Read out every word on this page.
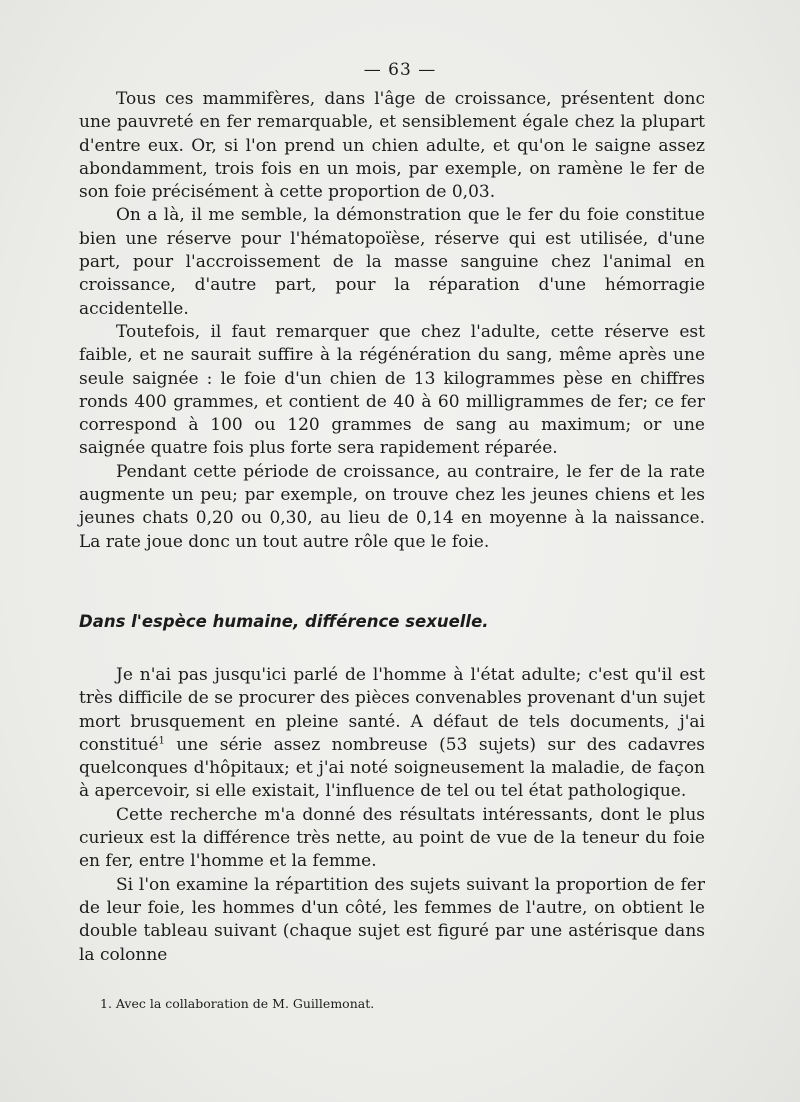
— 63 —

Tous ces mammifères, dans l'âge de croissance, présentent donc une pauvreté en fer remarquable, et sensiblement égale chez la plupart d'entre eux. Or, si l'on prend un chien adulte, et qu'on le saigne assez abondamment, trois fois en un mois, par exemple, on ramène le fer de son foie précisément à cette proportion de 0,03.

On a là, il me semble, la démonstration que le fer du foie constitue bien une réserve pour l'hématopoïèse, réserve qui est utilisée, d'une part, pour l'accroissement de la masse sanguine chez l'animal en croissance, d'autre part, pour la réparation d'une hémorragie accidentelle.

Toutefois, il faut remarquer que chez l'adulte, cette réserve est faible, et ne saurait suffire à la régénération du sang, même après une seule saignée : le foie d'un chien de 13 kilogrammes pèse en chiffres ronds 400 grammes, et contient de 40 à 60 milligrammes de fer; ce fer correspond à 100 ou 120 grammes de sang au maximum; or une saignée quatre fois plus forte sera rapidement réparée.

Pendant cette période de croissance, au contraire, le fer de la rate augmente un peu; par exemple, on trouve chez les jeunes chiens et les jeunes chats 0,20 ou 0,30, au lieu de 0,14 en moyenne à la naissance. La rate joue donc un tout autre rôle que le foie.

Dans l'espèce humaine, différence sexuelle.

Je n'ai pas jusqu'ici parlé de l'homme à l'état adulte; c'est qu'il est très difficile de se procurer des pièces convenables provenant d'un sujet mort brusquement en pleine santé. A défaut de tels documents, j'ai constitué$^1$ une série assez nombreuse (53 sujets) sur des cadavres quelconques d'hôpitaux; et j'ai noté soigneusement la maladie, de façon à apercevoir, si elle existait, l'influence de tel ou tel état pathologique.

Cette recherche m'a donné des résultats intéressants, dont le plus curieux est la différence très nette, au point de vue de la teneur du foie en fer, entre l'homme et la femme.

Si l'on examine la répartition des sujets suivant la proportion de fer de leur foie, les hommes d'un côté, les femmes de l'autre, on obtient le double tableau suivant (chaque sujet est figuré par une astérisque dans la colonne

1. Avec la collaboration de M. Guillemonat.
